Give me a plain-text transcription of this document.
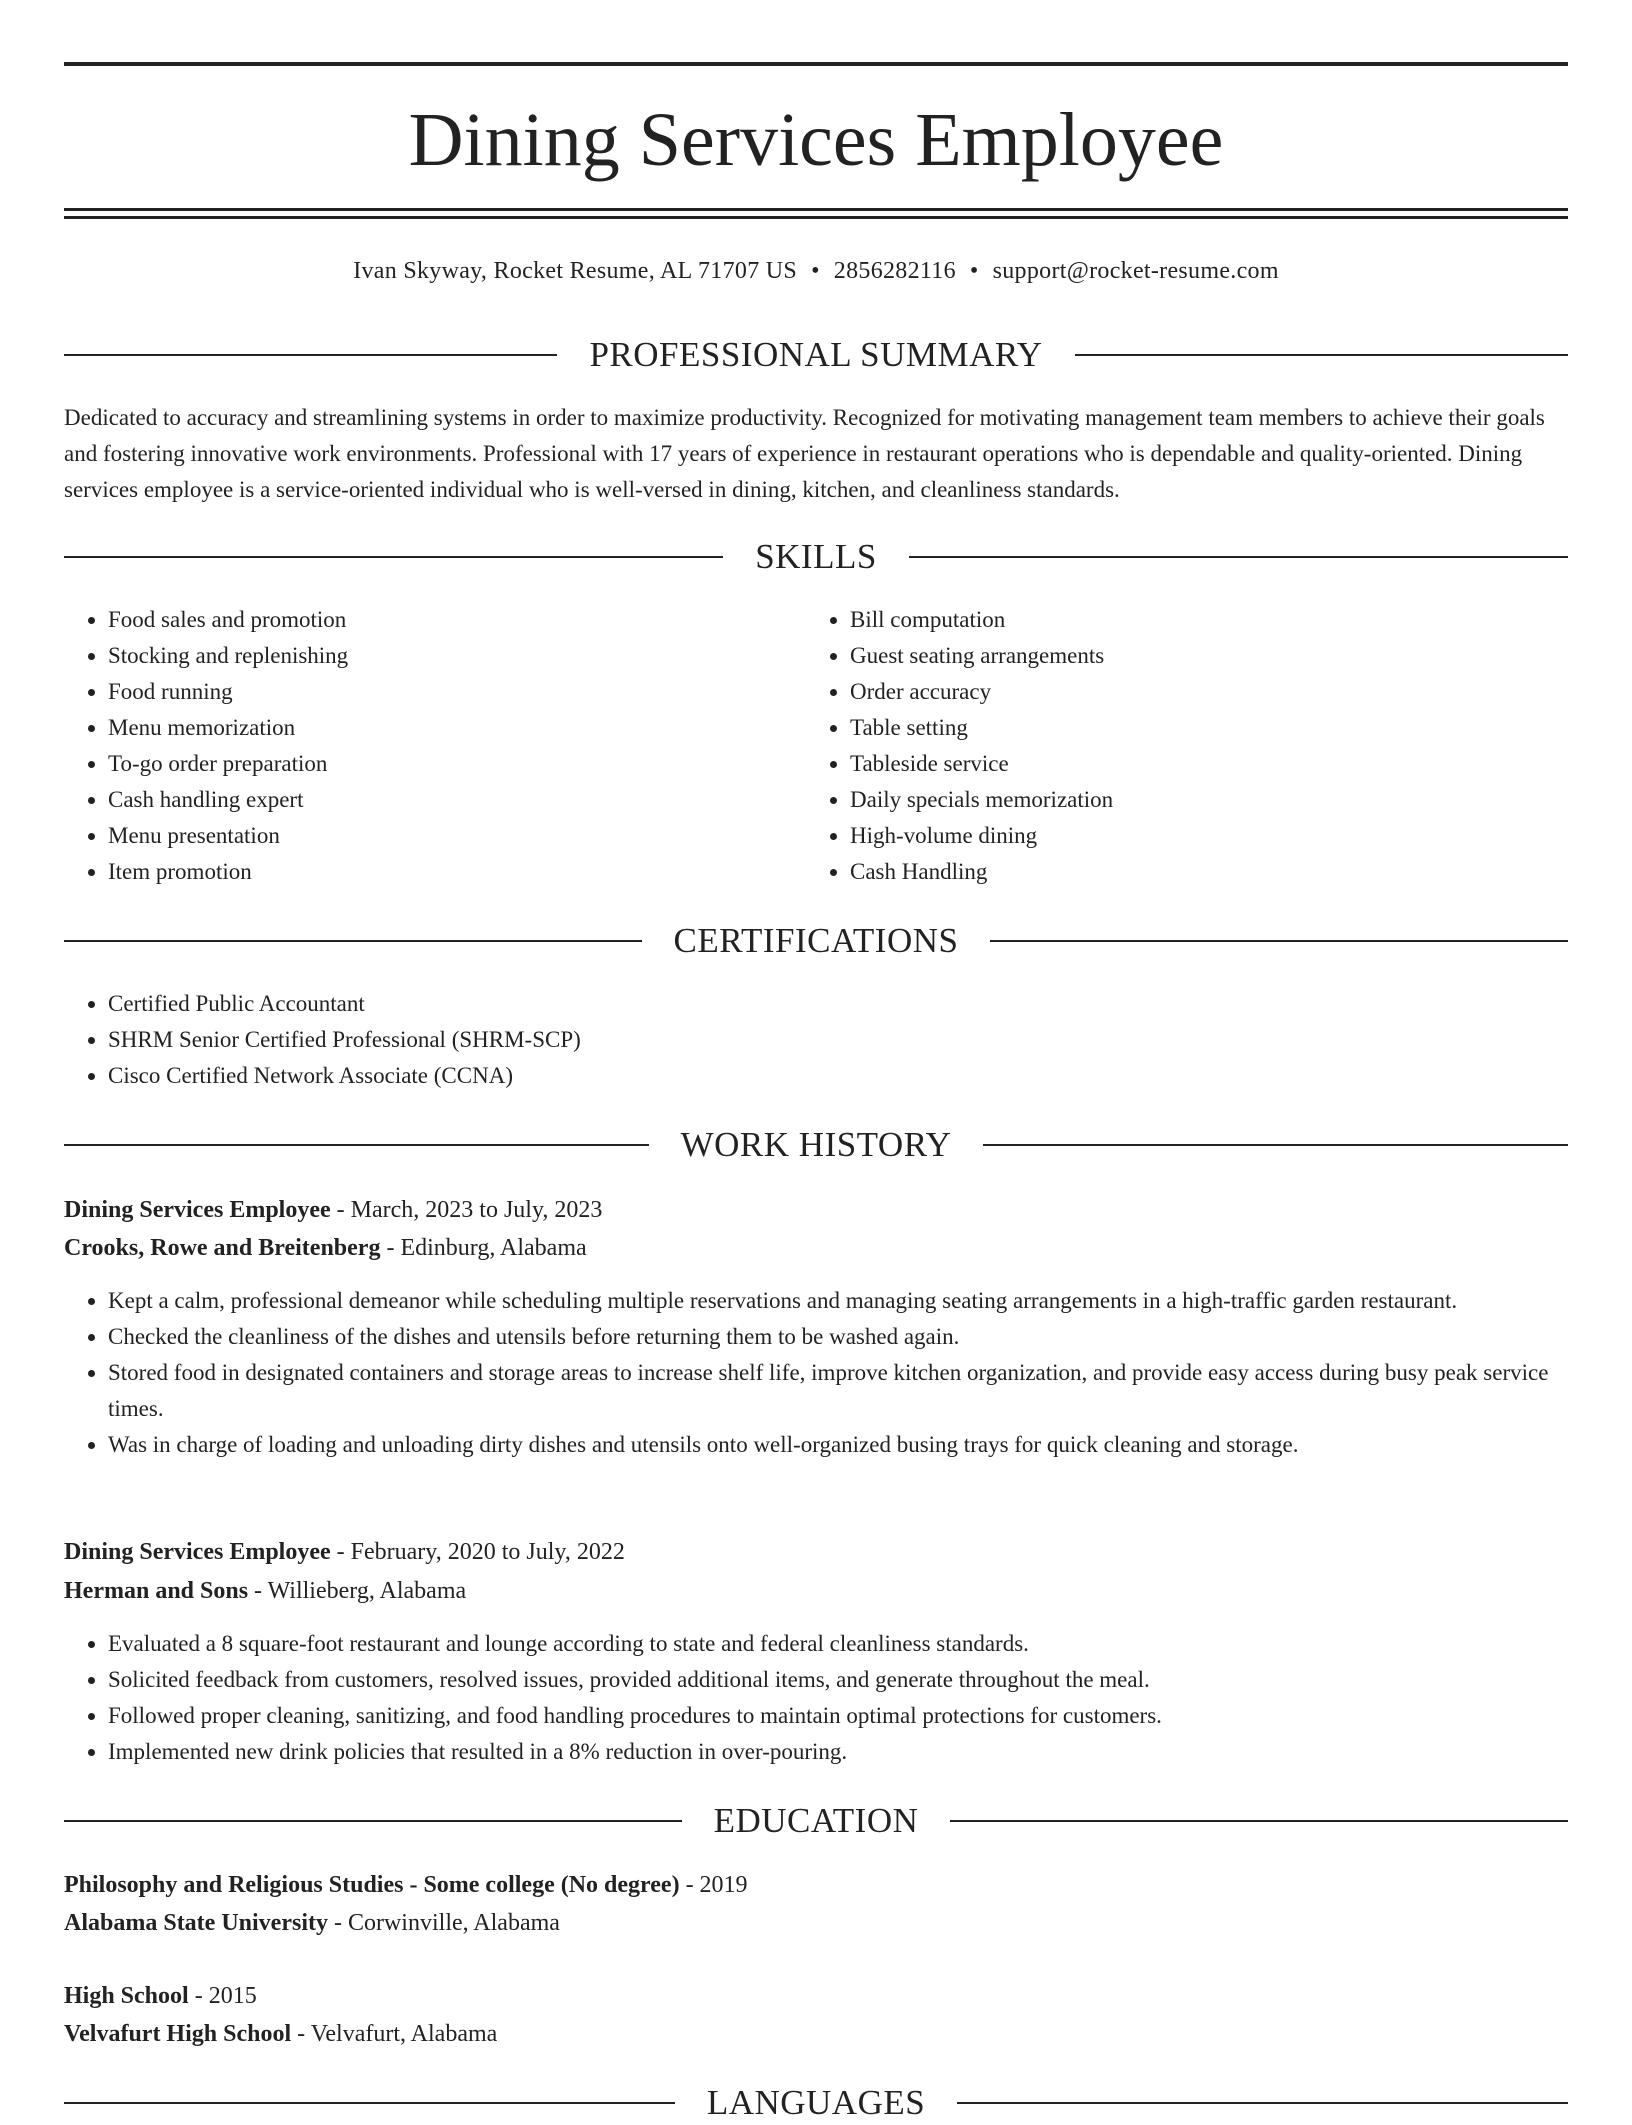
Dining Services Employee
Ivan Skyway, Rocket Resume, AL 71707 US • 2856282116 • support@rocket-resume.com
PROFESSIONAL SUMMARY

Dedicated to accuracy and streamlining systems in order to maximize productivity. Recognized for motivating management team members to achieve their goals and fostering innovative work environments. Professional with 17 years of experience in restaurant operations who is dependable and quality-oriented. Dining services employee is a service-oriented individual who is well-versed in dining, kitchen, and cleanliness standards.

SKILLS
• Food sales and promotion
• Stocking and replenishing
• Food running
• Menu memorization
• To-go order preparation
• Cash handling expert
• Menu presentation
• Item promotion
• Bill computation
• Guest seating arrangements
• Order accuracy
• Table setting
• Tableside service
• Daily specials memorization
• High-volume dining
• Cash Handling
CERTIFICATIONS
• Certified Public Accountant
• SHRM Senior Certified Professional (SHRM-SCP)
• Cisco Certified Network Associate (CCNA)
WORK HISTORY
Dining Services Employee - March, 2023 to July, 2023
Crooks, Rowe and Breitenberg - Edinburg, Alabama
• Kept a calm, professional demeanor while scheduling multiple reservations and managing seating arrangements in a high-traffic garden restaurant.
• Checked the cleanliness of the dishes and utensils before returning them to be washed again.
• Stored food in designated containers and storage areas to increase shelf life, improve kitchen organization, and provide easy access during busy peak service times.
• Was in charge of loading and unloading dirty dishes and utensils onto well-organized busing trays for quick cleaning and storage.
Dining Services Employee - February, 2020 to July, 2022
Herman and Sons - Willieberg, Alabama
• Evaluated a 8 square-foot restaurant and lounge according to state and federal cleanliness standards.
• Solicited feedback from customers, resolved issues, provided additional items, and generate throughout the meal.
• Followed proper cleaning, sanitizing, and food handling procedures to maintain optimal protections for customers.
• Implemented new drink policies that resulted in a 8% reduction in over-pouring.
EDUCATION
Philosophy and Religious Studies - Some college (No degree) - 2019
Alabama State University - Corwinville, Alabama
High School - 2015
Velvafurt High School - Velvafurt, Alabama
LANGUAGES
